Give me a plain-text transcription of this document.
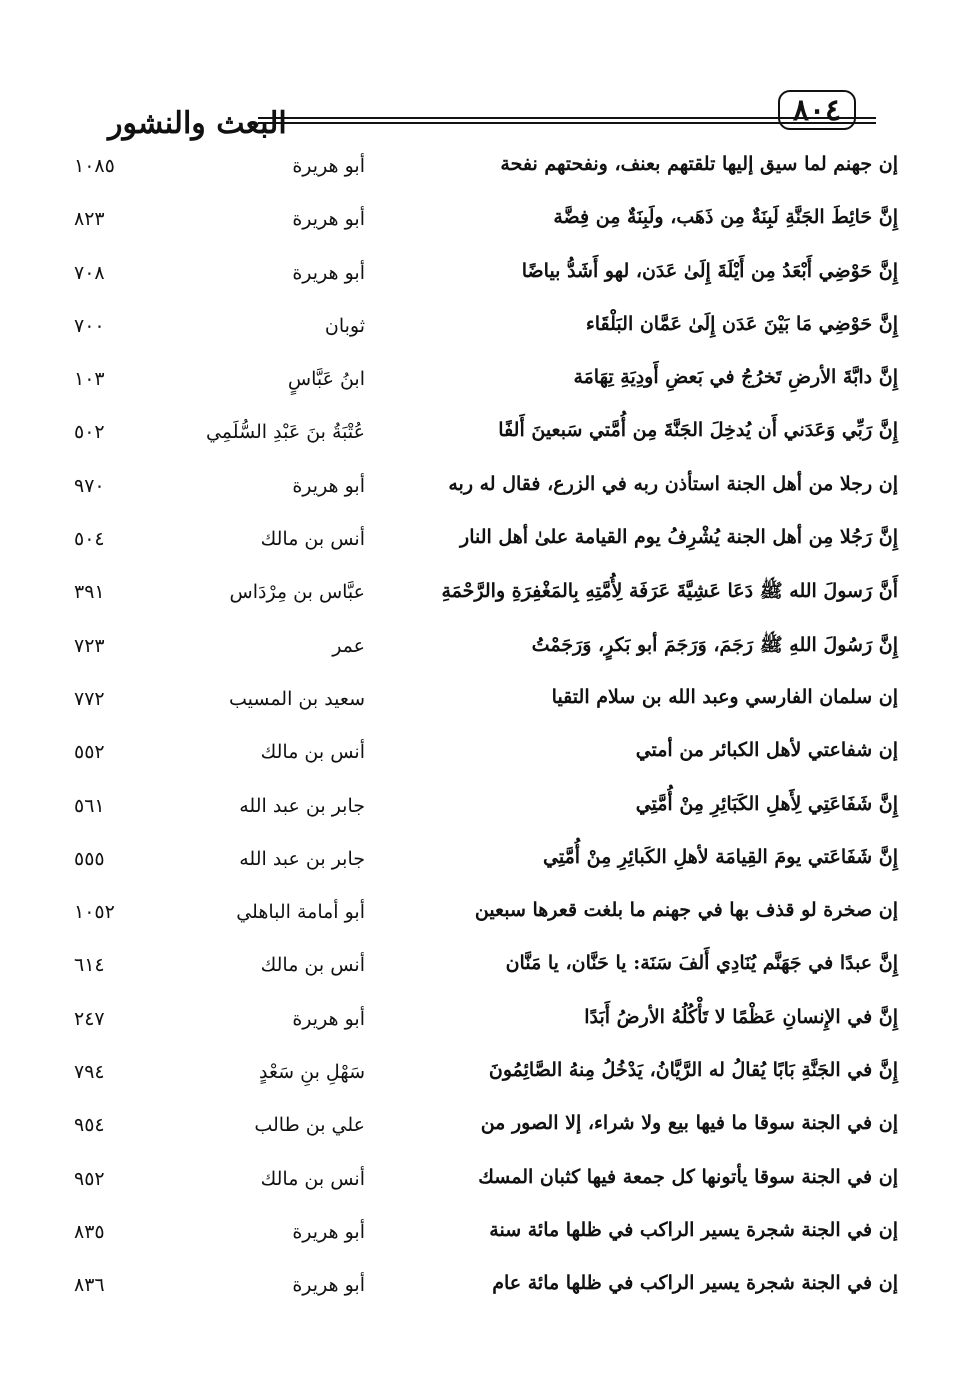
البعث والنشور	٨٠٤
إن جهنم لما سيق إليها تلقتهم بعنف، ونفحتهم نفحة
أبو هريرة
١٠٨٥
إِنَّ حَائِطَ الجَنَّةِ لَبِنَةٌ مِن ذَهَب، ولَبِنَةٌ مِن فِضَّة
أبو هريرة
٨٢٣
إِنَّ حَوْضِي أَبْعَدُ مِن أَيْلَةَ إِلَىٰ عَدَن، لهو أَشَدُّ بياضًا
أبو هريرة
٧٠٨
إِنَّ حَوْضِي مَا بَيْنَ عَدَن إِلَىٰ عَمَّان البَلْقَاء
ثوبان
٧٠٠
إِنَّ دابَّةَ الأرضِ تَخرُجُ في بَعضِ أَودِيَةِ تِهَامَة
ابنُ عَبَّاسٍ
١٠٣
إِنَّ رَبِّي وَعَدَني أَن يُدخِلَ الجَنَّةَ مِن أُمَّتي سَبعينَ أَلفًا
عُتْبَةُ بنَ عَبْدِ السُّلَمِي
٥٠٢
إن رجلا من أهل الجنة استأذن ربه في الزرع، فقال له ربه
أبو هريرة
٩٧٠
إِنَّ رَجُلا مِن أهل الجنة يُشْرِفُ يوم القيامة علىٰ أهل النار
أنس بن مالك
٥٠٤
أَنَّ رَسولَ الله ﷺ دَعَا عَشِيَّةَ عَرَفَة لِأُمَّتِهِ بِالمَغْفِرَةِ والرَّحْمَةِ
عبَّاس بن مِرْدَاس
٣٩١
إِنَّ رَسُولَ اللهِ ﷺ رَجَمَ، وَرَجَمَ أبو بَكرٍ، وَرَجَمْتُ
عمر
٧٢٣
إن سلمان الفارسي وعبد الله بن سلام التقيا
سعيد بن المسيب
٧٧٢
إن شفاعتي لأهل الكبائر من أمتي
أنس بن مالك
٥٥٢
إِنَّ شَفَاعَتِي لِأَهلِ الكَبَائِرِ مِنْ أُمَّتِي
جابر بن عبد الله
٥٦١
إِنَّ شَفَاعَتي يومَ القِيامَة لأهلِ الكَبائِرِ مِنْ أُمَّتِي
جابر بن عبد الله
٥٥٥
إن صخرة لو قذف بها في جهنم ما بلغت قعرها سبعين
أبو أمامة الباهلي
١٠٥٢
إِنَّ عبدًا في جَهَنَّم يُنَادِي أَلفَ سَنَة: يا حَنَّان، يا مَنَّان
أنس بن مالك
٦١٤
إِنَّ في الإِنسانِ عَظْمًا لا تَأْكُلُهُ الأرضُ أَبَدًا
أبو هريرة
٢٤٧
إِنَّ في الجَنَّةِ بَابًا يُقالُ له الرَّيَّانُ، يَدْخُلُ مِنهُ الصَّائِمُونَ
سَهْلِ بنِ سَعْدٍ
٧٩٤
إن في الجنة سوقا ما فيها بيع ولا شراء، إلا الصور من
علي بن طالب
٩٥٤
إن في الجنة سوقا يأتونها كل جمعة فيها كثبان المسك
أنس بن مالك
٩٥٢
إن في الجنة شجرة يسير الراكب في ظلها مائة سنة
أبو هريرة
٨٣٥
إن في الجنة شجرة يسير الراكب في ظلها مائة عام
أبو هريرة
٨٣٦
